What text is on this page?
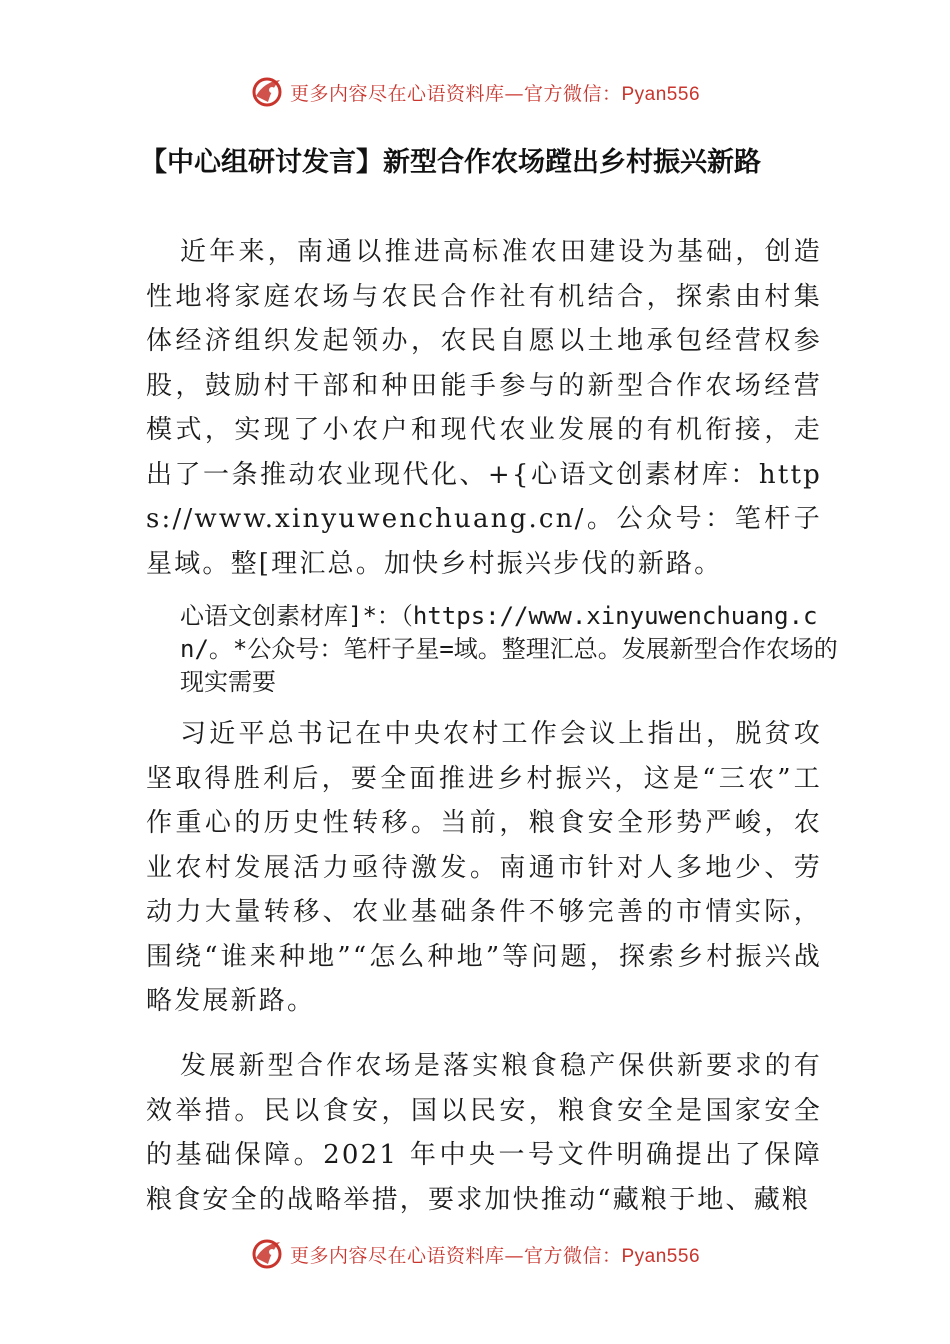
更多内容尽在心语资料库—官方微信：Pyan556
【中心组研讨发言】新型合作农场蹚出乡村振兴新路
近年来，南通以推进高标准农田建设为基础，创造性地将家庭农场与农民合作社有机结合，探索由村集体经济组织发起领办，农民自愿以土地承包经营权参股，鼓励村干部和种田能手参与的新型合作农场经营模式，实现了小农户和现代农业发展的有机衔接，走出了一条推动农业现代化、+{心语文创素材库：https://www.xinyuwenchuang.cn/。公众号：笔杆子星域。整[理汇总。加快乡村振兴步伐的新路。
心语文创素材库]*：（https://www.xinyuwenchuang.cn/。*公众号：笔杆子星=域。整理汇总。发展新型合作农场的现实需要
习近平总书记在中央农村工作会议上指出，脱贫攻坚取得胜利后，要全面推进乡村振兴，这是“三农”工作重心的历史性转移。当前，粮食安全形势严峻，农业农村发展活力亟待激发。南通市针对人多地少、劳动力大量转移、农业基础条件不够完善的市情实际，围绕“谁来种地”“怎么种地”等问题，探索乡村振兴战略发展新路。
发展新型合作农场是落实粮食稳产保供新要求的有效举措。民以食安，国以民安，粮食安全是国家安全的基础保障。2021 年中央一号文件明确提出了保障粮食安全的战略举措，要求加快推动“藏粮于地、藏粮
更多内容尽在心语资料库—官方微信：Pyan556
